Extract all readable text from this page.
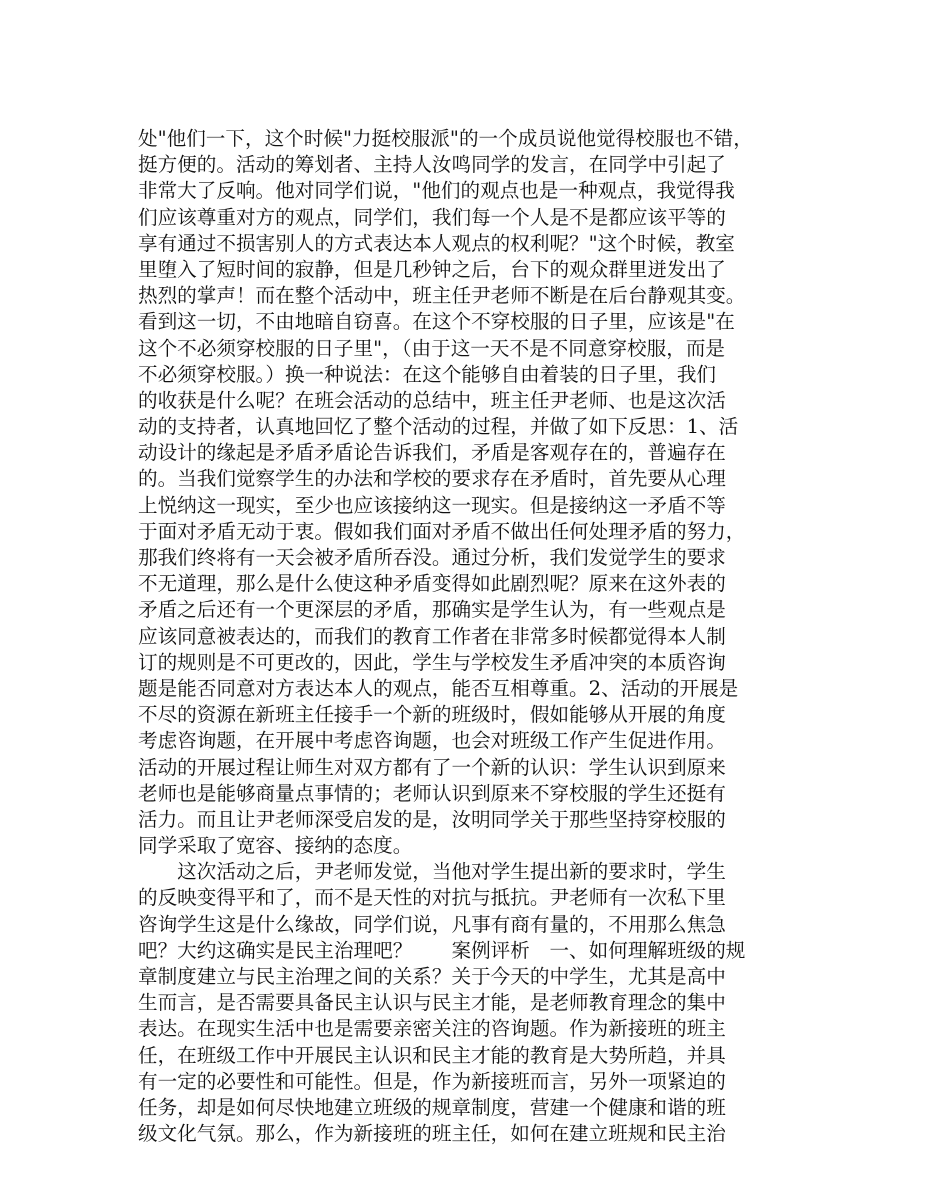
处"他们一下，这个时候"力挺校服派"的一个成员说他觉得校服也不错，
挺方便的。活动的筹划者、主持人汝鸣同学的发言，在同学中引起了
非常大了反响。他对同学们说，"他们的观点也是一种观点，我觉得我
们应该尊重对方的观点，同学们，我们每一个人是不是都应该平等的
享有通过不损害别人的方式表达本人观点的权利呢？"这个时候，教室
里堕入了短时间的寂静，但是几秒钟之后，台下的观众群里迸发出了
热烈的掌声！而在整个活动中，班主任尹老师不断是在后台静观其变。
看到这一切，不由地暗自窃喜。在这个不穿校服的日子里，应该是"在
这个不必须穿校服的日子里"，（由于这一天不是不同意穿校服，而是
不必须穿校服。）换一种说法：在这个能够自由着装的日子里，我们
的收获是什么呢？在班会活动的总结中，班主任尹老师、也是这次活
动的支持者，认真地回忆了整个活动的过程，并做了如下反思：1、活
动设计的缘起是矛盾矛盾论告诉我们，矛盾是客观存在的，普遍存在
的。当我们觉察学生的办法和学校的要求存在矛盾时，首先要从心理
上悦纳这一现实，至少也应该接纳这一现实。但是接纳这一矛盾不等
于面对矛盾无动于衷。假如我们面对矛盾不做出任何处理矛盾的努力，
那我们终将有一天会被矛盾所吞没。通过分析，我们发觉学生的要求
不无道理，那么是什么使这种矛盾变得如此剧烈呢？原来在这外表的
矛盾之后还有一个更深层的矛盾，那确实是学生认为，有一些观点是
应该同意被表达的，而我们的教育工作者在非常多时候都觉得本人制
订的规则是不可更改的，因此，学生与学校发生矛盾冲突的本质咨询
题是能否同意对方表达本人的观点，能否互相尊重。2、活动的开展是
不尽的资源在新班主任接手一个新的班级时，假如能够从开展的角度
考虑咨询题，在开展中考虑咨询题，也会对班级工作产生促进作用。
活动的开展过程让师生对双方都有了一个新的认识：学生认识到原来
老师也是能够商量点事情的；老师认识到原来不穿校服的学生还挺有
活力。而且让尹老师深受启发的是，汝明同学关于那些坚持穿校服的
同学采取了宽容、接纳的态度。
　　这次活动之后，尹老师发觉，当他对学生提出新的要求时，学生
的反映变得平和了，而不是天性的对抗与抵抗。尹老师有一次私下里
咨询学生这是什么缘故，同学们说，凡事有商有量的，不用那么焦急
吧？大约这确实是民主治理吧？　　案例评析　一、如何理解班级的规
章制度建立与民主治理之间的关系？关于今天的中学生，尤其是高中
生而言，是否需要具备民主认识与民主才能，是老师教育理念的集中
表达。在现实生活中也是需要亲密关注的咨询题。作为新接班的班主
任，在班级工作中开展民主认识和民主才能的教育是大势所趋，并具
有一定的必要性和可能性。但是，作为新接班而言，另外一项紧迫的
任务，却是如何尽快地建立班级的规章制度，营建一个健康和谐的班
级文化气氛。那么，作为新接班的班主任，如何在建立班规和民主治
